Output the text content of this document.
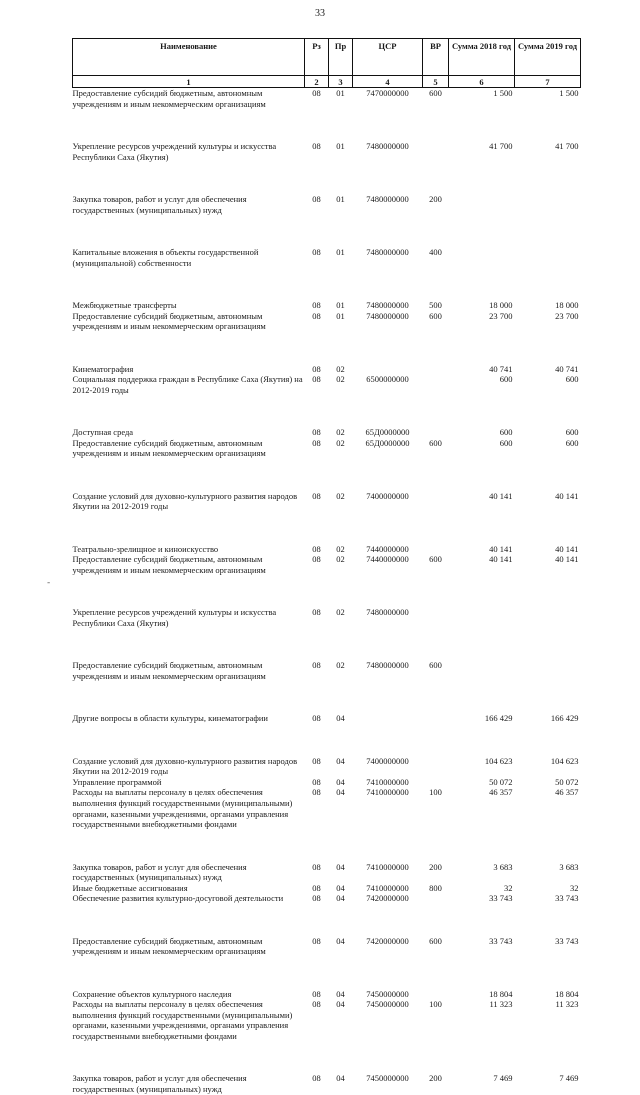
33
-
Наименование	Рз	Пр	ЦСР	ВР	Сумма 2018 год	Сумма 2019 год
1	2	3	4	5	6	7
Предоставление субсидий бюджетным, автономным учреждениям и иным некоммерческим организациям	08	01	7470000000	600	1 500	1 500
Укрепление ресурсов учреждений культуры и искусства Республики Саха (Якутия)	08	01	7480000000		41 700	41 700
Закупка товаров, работ и услуг для обеспечения государственных (муниципальных) нужд	08	01	7480000000	200		
Капитальные вложения в объекты государственной (муниципальной) собственности	08	01	7480000000	400		
Межбюджетные трансферты	08	01	7480000000	500	18 000	18 000
Предоставление субсидий бюджетным, автономным учреждениям и иным некоммерческим организациям	08	01	7480000000	600	23 700	23 700
Кинематография	08	02			40 741	40 741
Социальная поддержка граждан в Республике Саха (Якутия) на 2012-2019 годы	08	02	6500000000		600	600
Доступная среда	08	02	65Д0000000		600	600
Предоставление субсидий бюджетным, автономным учреждениям и иным некоммерческим организациям	08	02	65Д0000000	600	600	600
Создание условий для духовно-культурного развития народов Якутии на 2012-2019 годы	08	02	7400000000		40 141	40 141
Театрально-зрелищное и киноискусство	08	02	7440000000		40 141	40 141
Предоставление субсидий бюджетным, автономным учреждениям и иным некоммерческим организациям	08	02	7440000000	600	40 141	40 141
Укрепление ресурсов учреждений культуры и искусства Республики Саха (Якутия)	08	02	7480000000			
Предоставление субсидий бюджетным, автономным учреждениям и иным некоммерческим организациям	08	02	7480000000	600		
Другие вопросы в области культуры, кинематографии	08	04			166 429	166 429
Создание условий для духовно-культурного развития народов Якутии на 2012-2019 годы	08	04	7400000000		104 623	104 623
Управление программой	08	04	7410000000		50 072	50 072
Расходы на выплаты персоналу в целях обеспечения выполнения функций государственными (муниципальными) органами, казенными учреждениями, органами управления государственными внебюджетными фондами	08	04	7410000000	100	46 357	46 357
Закупка товаров, работ и услуг для обеспечения государственных (муниципальных) нужд	08	04	7410000000	200	3 683	3 683
Иные бюджетные ассигнования	08	04	7410000000	800	32	32
Обеспечение развития культурно-досуговой деятельности	08	04	7420000000		33 743	33 743
Предоставление субсидий бюджетным, автономным учреждениям и иным некоммерческим организациям	08	04	7420000000	600	33 743	33 743
Сохранение объектов культурного наследия	08	04	7450000000		18 804	18 804
Расходы на выплаты персоналу в целях обеспечения выполнения функций государственными (муниципальными) органами, казенными учреждениями, органами управления государственными внебюджетными фондами	08	04	7450000000	100	11 323	11 323
Закупка товаров, работ и услуг для обеспечения государственных (муниципальных) нужд	08	04	7450000000	200	7 469	7 469
